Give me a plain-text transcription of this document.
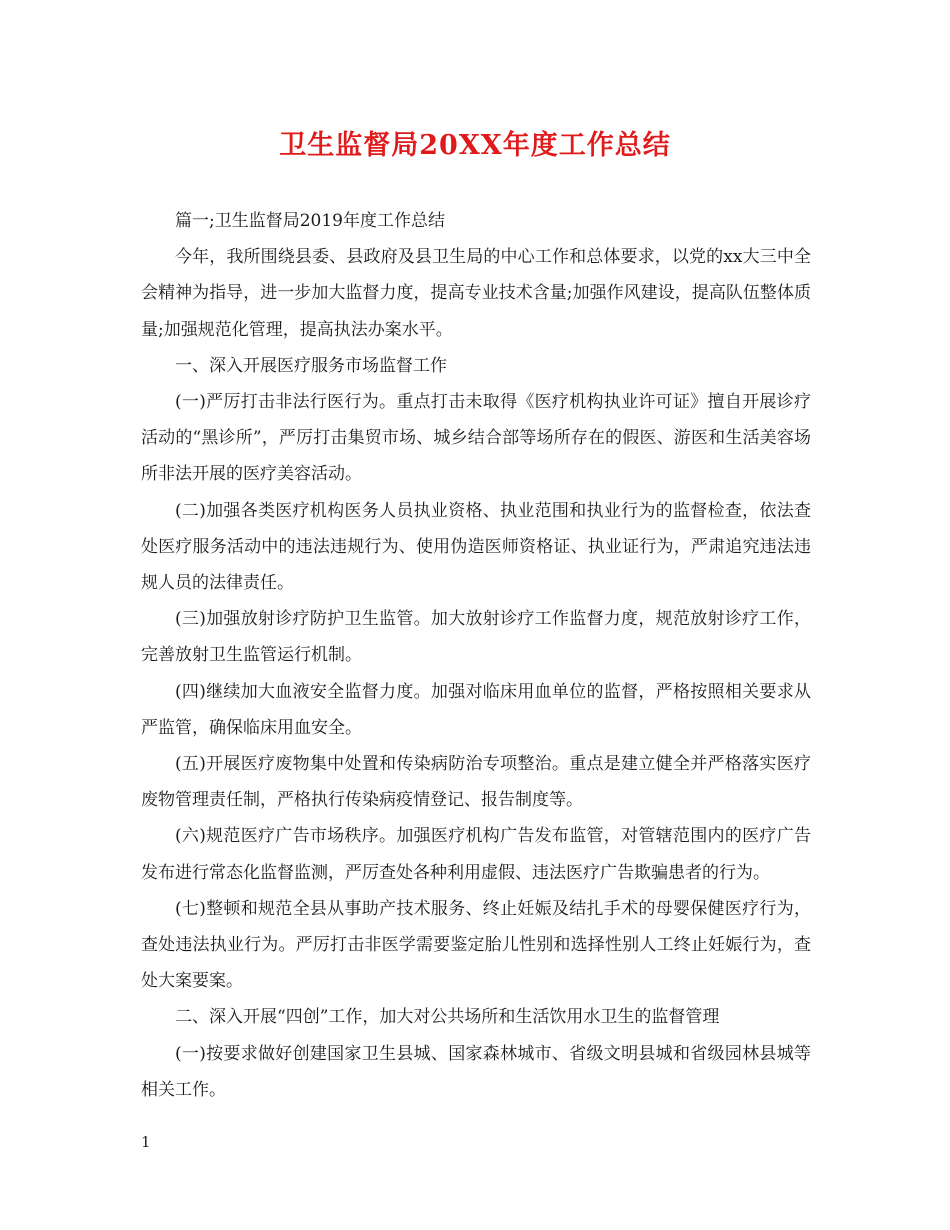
卫生监督局20XX年度工作总结

篇一;卫生监督局2019年度工作总结

今年，我所围绕县委、县政府及县卫生局的中心工作和总体要求，以党的xx大三中全会精神为指导，进一步加大监督力度，提高专业技术含量;加强作风建设，提高队伍整体质量;加强规范化管理，提高执法办案水平。

一、深入开展医疗服务市场监督工作

(一)严厉打击非法行医行为。重点打击未取得《医疗机构执业许可证》擅自开展诊疗活动的“黑诊所”，严厉打击集贸市场、城乡结合部等场所存在的假医、游医和生活美容场所非法开展的医疗美容活动。

(二)加强各类医疗机构医务人员执业资格、执业范围和执业行为的监督检查，依法查处医疗服务活动中的违法违规行为、使用伪造医师资格证、执业证行为，严肃追究违法违规人员的法律责任。

(三)加强放射诊疗防护卫生监管。加大放射诊疗工作监督力度，规范放射诊疗工作，完善放射卫生监管运行机制。

(四)继续加大血液安全监督力度。加强对临床用血单位的监督，严格按照相关要求从严监管，确保临床用血安全。

(五)开展医疗废物集中处置和传染病防治专项整治。重点是建立健全并严格落实医疗废物管理责任制，严格执行传染病疫情登记、报告制度等。

(六)规范医疗广告市场秩序。加强医疗机构广告发布监管，对管辖范围内的医疗广告发布进行常态化监督监测，严厉查处各种利用虚假、违法医疗广告欺骗患者的行为。

(七)整顿和规范全县从事助产技术服务、终止妊娠及结扎手术的母婴保健医疗行为，查处违法执业行为。严厉打击非医学需要鉴定胎儿性别和选择性别人工终止妊娠行为，查处大案要案。

二、深入开展“四创”工作，加大对公共场所和生活饮用水卫生的监督管理

(一)按要求做好创建国家卫生县城、国家森林城市、省级文明县城和省级园林县城等相关工作。

1
